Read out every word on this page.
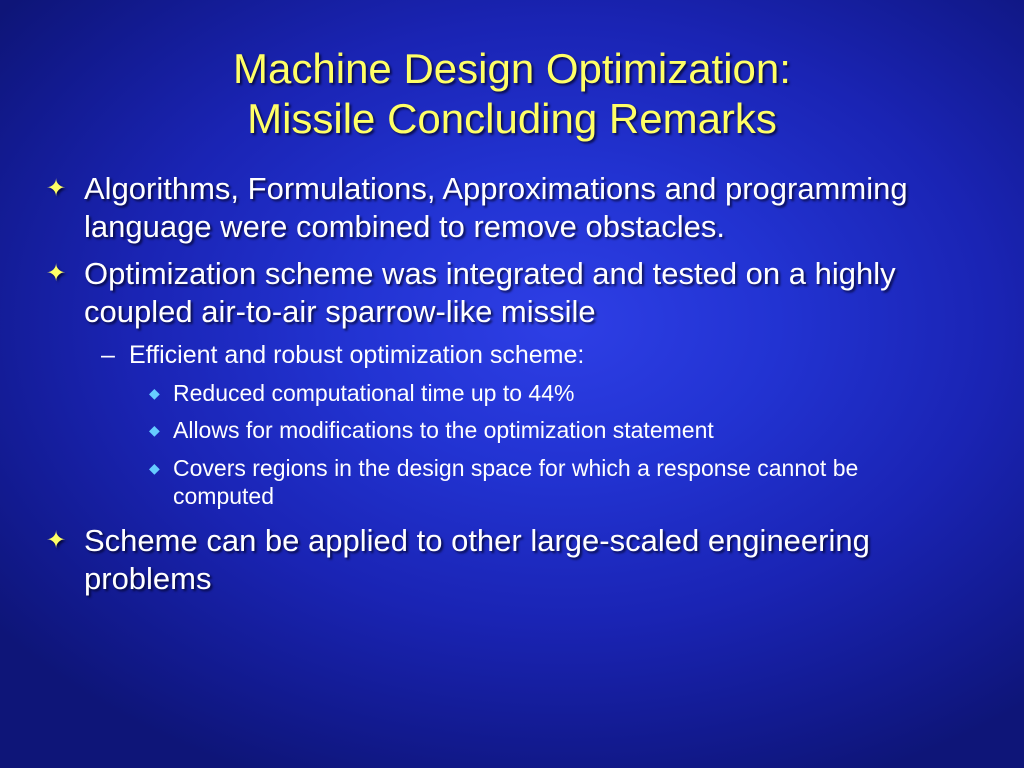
Machine Design Optimization:
Missile Concluding Remarks
✦ Algorithms, Formulations, Approximations and programming language were combined to remove obstacles.
✦ Optimization scheme was integrated and tested on a highly coupled air-to-air sparrow-like missile
– Efficient and robust optimization scheme:
◆ Reduced computational time up to 44%
◆ Allows for modifications to the optimization statement
◆ Covers regions in the design space for which a response cannot be computed
✦ Scheme can be applied to other large-scaled engineering problems
